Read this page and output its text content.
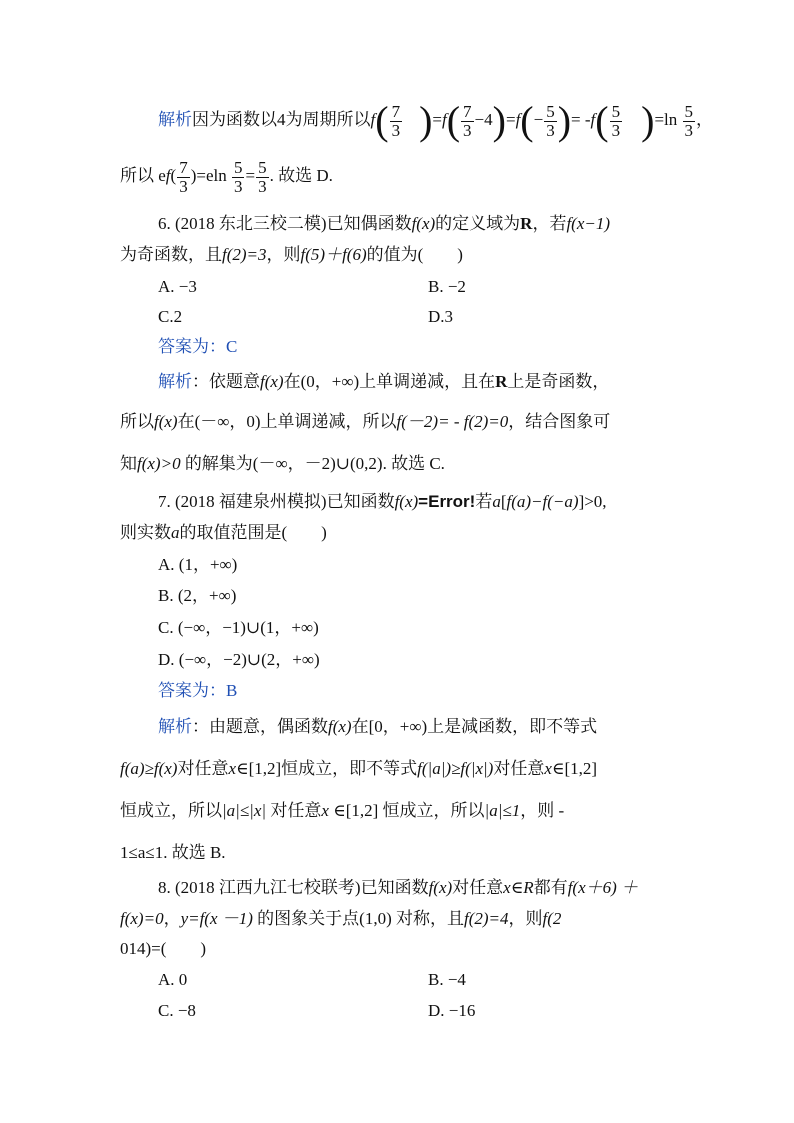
解析因为函数以4为周期所以$f( \frac{7}{3} )=f( \frac{7}{3} -4)=f(- \frac{5}{3}$ )= $-f( \frac{5}{3} )=\ln \frac{5}{3}$ ，
所以 $ef( \frac{7}{3} )=eln \frac{5}{3} = \frac{5}{3}$ . 故选 D.
6. (2018 东北三校二模)已知偶函数f(x)的定义域为R，若f(x−1)
为奇函数，且f(2)=3，则f(5)＋f(6)的值为(　　)
A. −3	B. −2
C.2	D.3
答案为：C
解析：依题意f(x)在(0，+∞)上单调递减，且在R上是奇函数，
所以f(x)在(－∞，0)上单调递减，所以f(－2)= - f(2)=0，结合图象可
知f(x)>0 的解集为(－∞，－2)∪(0,2). 故选 C.
7. (2018 福建泉州模拟)已知函数f(x)=Error!若a[f(a)−f(−a)]>0,
则实数a的取值范围是(　　)
A. (1，+∞)
B. (2，+∞)
C. (−∞，−1)∪(1，+∞)
D. (−∞，−2)∪(2，+∞)
答案为：B
解析：由题意，偶函数f(x)在[0，+∞)上是减函数，即不等式
f(a)≥f(x)对任意x∈[1,2]恒成立，即不等式f(|a|)≥f(|x|)对任意x∈[1,2]
恒成立，所以|a|≤|x| 对任意x ∈[1,2] 恒成立，所以|a|≤1，则 -
1≤a≤1. 故选 B.
8. (2018 江西九江七校联考)已知函数f(x)对任意x∈R都有f(x＋6) ＋
f(x)=0，y=f(x －1) 的图象关于点(1,0) 对称，且f(2)=4，则f(2
014)=(　　)
A. 0	B. −4
C. −8	D. −16
